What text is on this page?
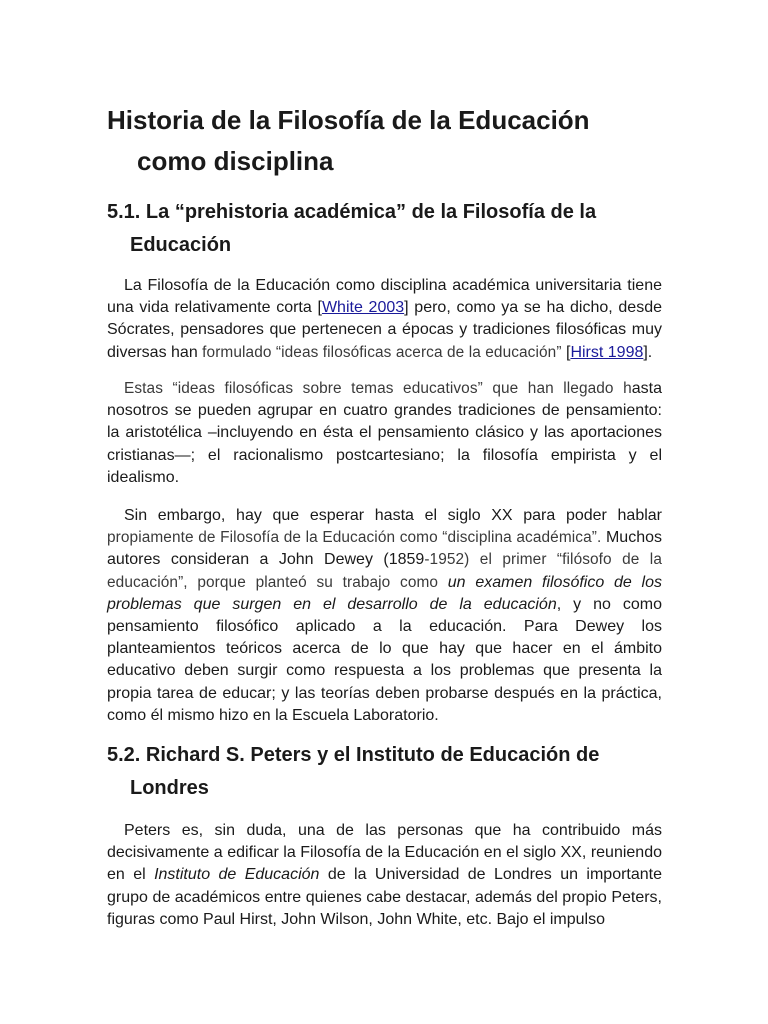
Historia de la Filosofía de la Educación
como disciplina
5.1. La “prehistoria académica” de la Filosofía de la
Educación

La Filosofía de la Educación como disciplina académica universitaria tiene una vida relativamente corta [White 2003] pero, como ya se ha dicho, desde Sócrates, pensadores que pertenecen a épocas y tradiciones filosóficas muy diversas han formulado “ideas filosóficas acerca de la educación” [Hirst 1998].

Estas “ideas filosóficas sobre temas educativos” que han llegado hasta nosotros se pueden agrupar en cuatro grandes tradiciones de pensamiento: la aristotélica –incluyendo en ésta el pensamiento clásico y las aportaciones cristianas—; el racionalismo postcartesiano; la filosofía empirista y el idealismo.

Sin embargo, hay que esperar hasta el siglo XX para poder hablar propiamente de Filosofía de la Educación como “disciplina académica”. Muchos autores consideran a John Dewey (1859-1952) el primer “filósofo de la educación”, porque planteó su trabajo como un examen filosófico de los problemas que surgen en el desarrollo de la educación, y no como pensamiento filosófico aplicado a la educación. Para Dewey los planteamientos teóricos acerca de lo que hay que hacer en el ámbito educativo deben surgir como respuesta a los problemas que presenta la propia tarea de educar; y las teorías deben probarse después en la práctica, como él mismo hizo en la Escuela Laboratorio.

5.2. Richard S. Peters y el Instituto de Educación de
Londres

Peters es, sin duda, una de las personas que ha contribuido más decisivamente a edificar la Filosofía de la Educación en el siglo XX, reuniendo en el Instituto de Educación de la Universidad de Londres un importante grupo de académicos entre quienes cabe destacar, además del propio Peters, figuras como Paul Hirst, John Wilson, John White, etc. Bajo el impulso
